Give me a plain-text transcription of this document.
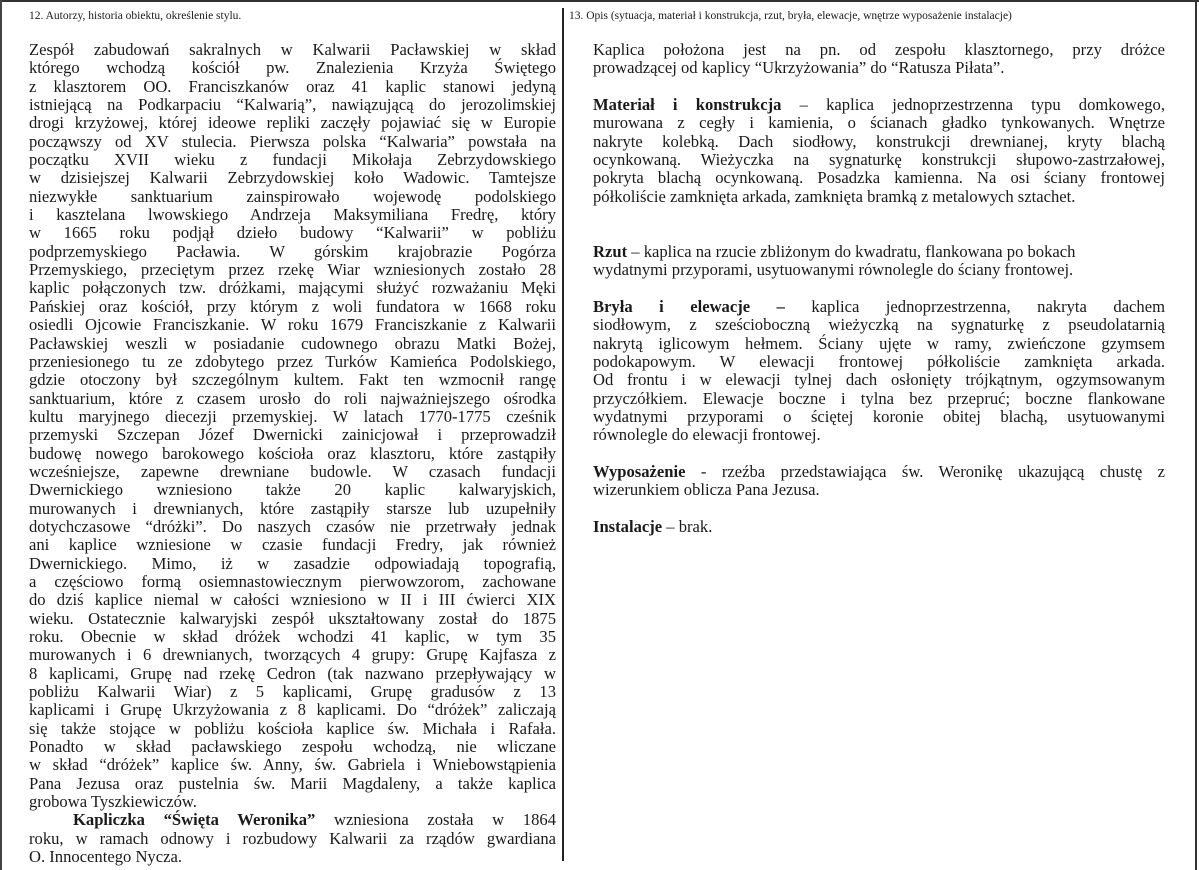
12. Autorzy, historia obiektu, określenie stylu.	13. Opis (sytuacja, materiał i konstrukcja, rzut, bryła, elewacje, wnętrze wyposażenie instalacje)
Zespół zabudowań sakralnych w Kalwarii Pacławskiej w skład
którego wchodzą kościół pw. Znalezienia Krzyża Świętego
z klasztorem OO. Franciszkanów oraz 41 kaplic stanowi jedyną
istniejącą na Podkarpaciu “Kalwarią”, nawiązującą do jerozolimskiej
drogi krzyżowej, której ideowe repliki zaczęły pojawiać się w Europie
począwszy od XV stulecia. Pierwsza polska “Kalwaria” powstała na
początku XVII wieku z fundacji Mikołaja Zebrzydowskiego
w dzisiejszej Kalwarii Zebrzydowskiej koło Wadowic. Tamtejsze
niezwykłe sanktuarium zainspirowało wojewodę podolskiego
i kasztelana lwowskiego Andrzeja Maksymiliana Fredrę, który
w 1665 roku podjął dzieło budowy “Kalwarii” w pobliżu
podprzemyskiego Pacławia. W górskim krajobrazie Pogórza
Przemyskiego, przeciętym przez rzekę Wiar wzniesionych zostało 28
kaplic połączonych tzw. dróżkami, mającymi służyć rozważaniu Męki
Pańskiej oraz kościół, przy którym z woli fundatora w 1668 roku
osiedli Ojcowie Franciszkanie. W roku 1679 Franciszkanie z Kalwarii
Pacławskiej weszli w posiadanie cudownego obrazu Matki Bożej,
przeniesionego tu ze zdobytego przez Turków Kamieńca Podolskiego,
gdzie otoczony był szczególnym kultem. Fakt ten wzmocnił rangę
sanktuarium, które z czasem urosło do roli najważniejszego ośrodka
kultu maryjnego diecezji przemyskiej. W latach 1770-1775 cześnik
przemyski Szczepan Józef Dwernicki zainicjował i przeprowadził
budowę nowego barokowego kościoła oraz klasztoru, które zastąpiły
wcześniejsze, zapewne drewniane budowle. W czasach fundacji
Dwernickiego wzniesiono także 20 kaplic kalwaryjskich,
murowanych i drewnianych, które zastąpiły starsze lub uzupełniły
dotychczasowe “dróżki”. Do naszych czasów nie przetrwały jednak
ani kaplice wzniesione w czasie fundacji Fredry, jak również
Dwernickiego. Mimo, iż w zasadzie odpowiadają topografią,
a częściowo formą osiemnastowiecznym pierwowzorom, zachowane
do dziś kaplice niemal w całości wzniesiono w II i III ćwierci XIX
wieku. Ostatecznie kalwaryjski zespół ukształtowany został do 1875
roku. Obecnie w skład dróżek wchodzi 41 kaplic, w tym 35
murowanych i 6 drewnianych, tworzących 4 grupy: Grupę Kajfasza z
8 kaplicami, Grupę nad rzekę Cedron (tak nazwano przepływający w
pobliżu Kalwarii Wiar) z 5 kaplicami, Grupę gradusów z 13
kaplicami i Grupę Ukrzyżowania z 8 kaplicami. Do “dróżek” zaliczają
się także stojące w pobliżu kościoła kaplice św. Michała i Rafała.
Ponadto w skład pacławskiego zespołu wchodzą, nie wliczane
w skład “dróżek” kaplice św. Anny, św. Gabriela i Wniebowstąpienia
Pana Jezusa oraz pustelnia św. Marii Magdaleny, a także kaplica
grobowa Tyszkiewiczów.
Kapliczka “Święta Weronika” wzniesiona została w 1864
roku, w ramach odnowy i rozbudowy Kalwarii za rządów gwardiana
O. Innocentego Nycza.
Kaplica położona jest na pn. od zespołu klasztornego, przy dróżce
prowadzącej od kaplicy “Ukrzyżowania” do “Ratusza Piłata”.
Materiał i konstrukcja – kaplica jednoprzestrzenna typu domkowego,
murowana z cegły i kamienia, o ścianach gładko tynkowanych. Wnętrze
nakryte kolebką. Dach siodłowy, konstrukcji drewnianej, kryty blachą
ocynkowaną. Wieżyczka na sygnaturkę konstrukcji słupowo-zastrzałowej,
pokryta blachą ocynkowaną. Posadzka kamienna. Na osi ściany frontowej
półkoliście zamknięta arkada, zamknięta bramką z metalowych sztachet.
Rzut – kaplica na rzucie zbliżonym do kwadratu, flankowana po bokach
wydatnymi przyporami, usytuowanymi równolegle do ściany frontowej.
Bryła i elewacje – kaplica jednoprzestrzenna, nakryta dachem
siodłowym, z sześcioboczną wieżyczką na sygnaturkę z pseudolatarnią
nakrytą iglicowym hełmem. Ściany ujęte w ramy, zwieńczone gzymsem
podokapowym. W elewacji frontowej półkoliście zamknięta arkada.
Od frontu i w elewacji tylnej dach osłonięty trójkątnym, ogzymsowanym
przyczółkiem. Elewacje boczne i tylna bez przepruć; boczne flankowane
wydatnymi przyporami o ściętej koronie obitej blachą, usytuowanymi
równolegle do elewacji frontowej.
Wyposażenie - rzeźba przedstawiająca św. Weronikę ukazującą chustę z
wizerunkiem oblicza Pana Jezusa.
Instalacje – brak.
